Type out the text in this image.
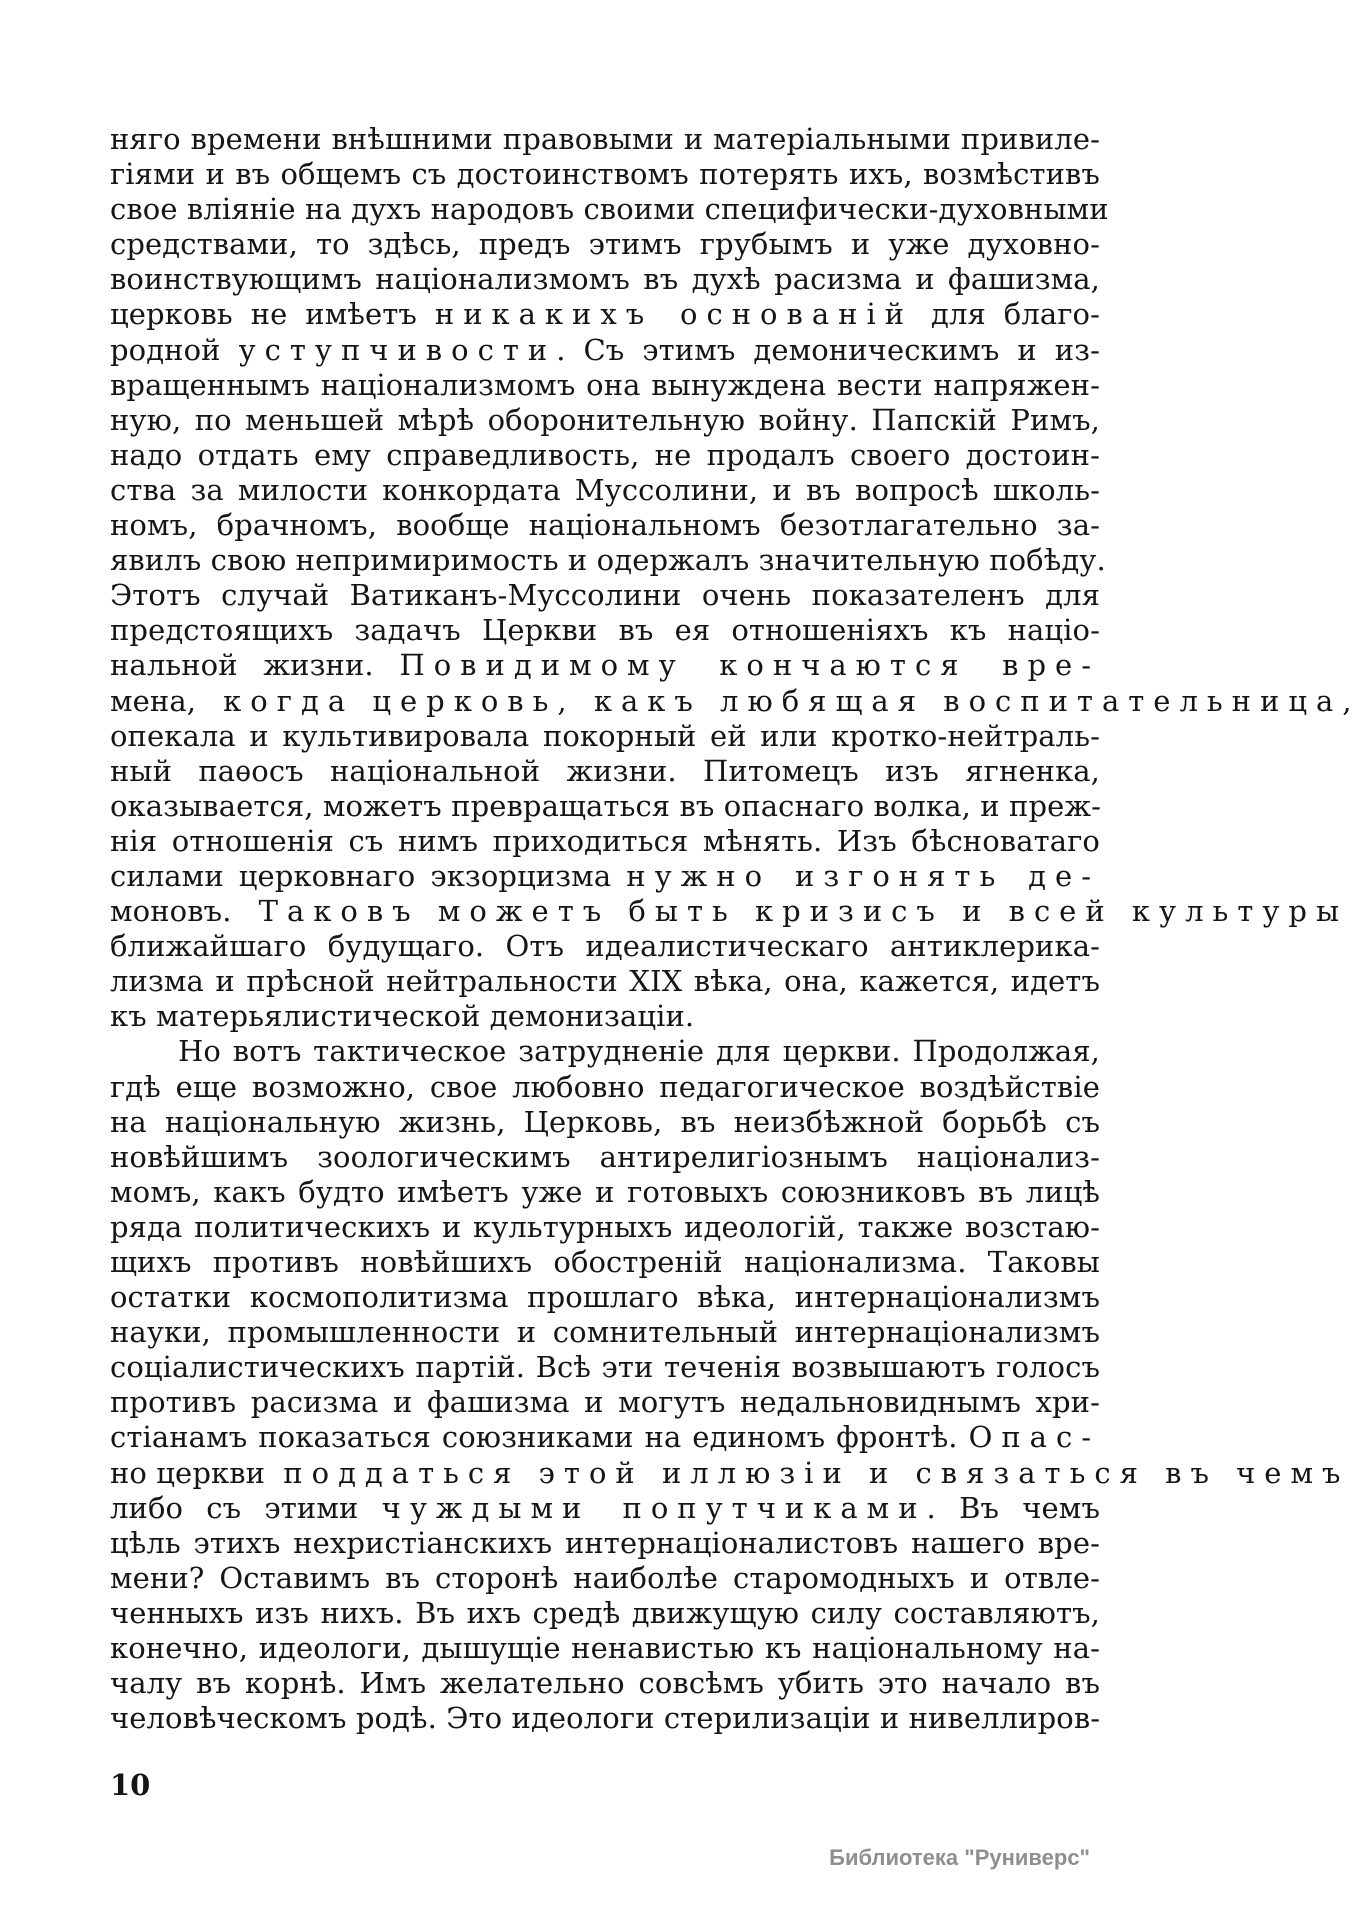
няго времени внѣшними правовыми и матеріальными привиле-
гіями и въ общемъ съ достоинствомъ потерять ихъ, возмѣстивъ
свое вліяніе на духъ народовъ своими специфически-духовными
средствами, то здѣсь, предъ этимъ грубымъ и уже духовно-
воинствующимъ націонализмомъ въ духѣ расизма и фашизма,
церковь не имѣетъ никакихъ основаній для благо-
родной уступчивости. Съ этимъ демоническимъ и из-
вращеннымъ націонализмомъ она вынуждена вести напряжен-
ную, по меньшей мѣрѣ оборонительную войну. Папскій Римъ,
надо отдать ему справедливость, не продалъ своего достоин-
ства за милости конкордата Муссолини, и въ вопросѣ школь-
номъ, брачномъ, вообще національномъ безотлагательно за-
явилъ свою непримиримость и одержалъ значительную побѣду.
Этотъ случай Ватиканъ-Муссолини очень показателенъ для
предстоящихъ задачъ Церкви въ ея отношеніяхъ къ націо-
нальной жизни. Повидимому кончаются вре-
мена, когда церковь, какъ любящая воспитательница,
опекала и культивировала покорный ей или кротко-нейтраль-
ный паѳосъ національной жизни. Питомецъ изъ ягненка,
оказывается, можетъ превращаться въ опаснаго волка, и преж-
нія отношенія съ нимъ приходиться мѣнять. Изъ бѣсноватаго
силами церковнаго экзорцизма нужно изгонять де-
моновъ. Таковъ можетъ быть кризисъ и всей культуры
ближайшаго будущаго. Отъ идеалистическаго антиклерика-
лизма и прѣсной нейтральности XIX вѣка, она, кажется, идетъ
къ матерьялистической демонизаціи.
Но вотъ тактическое затрудненіе для церкви. Продолжая,
гдѣ еще возможно, свое любовно педагогическое воздѣйствіе
на національную жизнь, Церковь, въ неизбѣжной борьбѣ съ
новѣйшимъ зоологическимъ антирелигіознымъ націонализ-
момъ, какъ будто имѣетъ уже и готовыхъ союзниковъ въ лицѣ
ряда политическихъ и культурныхъ идеологій, также возстаю-
щихъ противъ новѣйшихъ обостреній націонализма. Таковы
остатки космополитизма прошлаго вѣка, интернаціонализмъ
науки, промышленности и сомнительный интернаціонализмъ
соціалистическихъ партій. Всѣ эти теченія возвышаютъ голосъ
противъ расизма и фашизма и могутъ недальновиднымъ хри-
стіанамъ показаться союзниками на единомъ фронтѣ. Опас-
но церкви поддаться этой иллюзіи и связаться въ чемъ
либо съ этими чуждыми попутчиками. Въ чемъ
цѣль этихъ нехристіанскихъ интернаціоналистовъ нашего вре-
мени? Оставимъ въ сторонѣ наиболѣе старомодныхъ и отвле-
ченныхъ изъ нихъ. Въ ихъ средѣ движущую силу составляютъ,
конечно, идеологи, дышущіе ненавистью къ національному на-
чалу въ корнѣ. Имъ желательно совсѣмъ убить это начало въ
человѣческомъ родѣ. Это идеологи стерилизаціи и нивеллиров-
10
Библиотека "Руниверс"
